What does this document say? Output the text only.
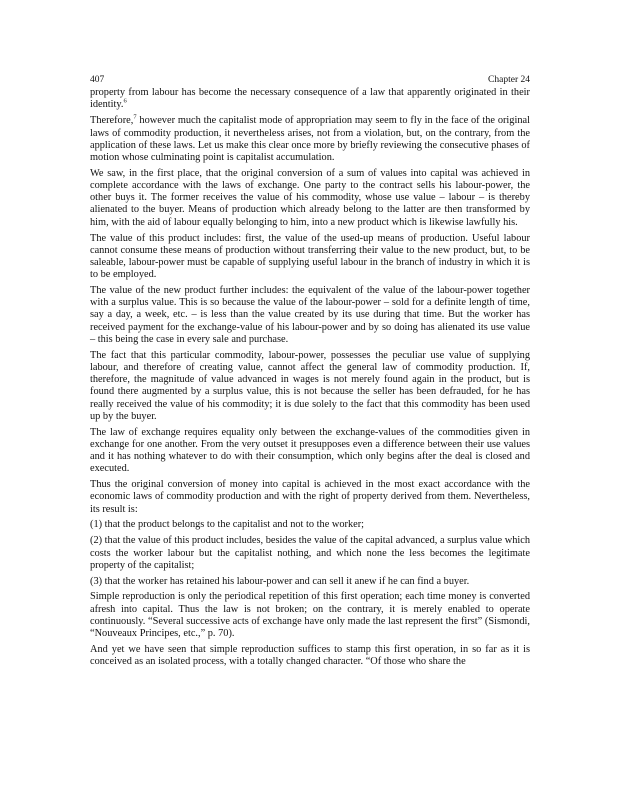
407	Chapter 24

property from labour has become the necessary consequence of a law that apparently originated in their identity.$^6$

Therefore,$^7$ however much the capitalist mode of appropriation may seem to fly in the face of the original laws of commodity production, it nevertheless arises, not from a violation, but, on the contrary, from the application of these laws. Let us make this clear once more by briefly reviewing the consecutive phases of motion whose culminating point is capitalist accumulation.

We saw, in the first place, that the original conversion of a sum of values into capital was achieved in complete accordance with the laws of exchange. One party to the contract sells his labour-power, the other buys it. The former receives the value of his commodity, whose use value – labour – is thereby alienated to the buyer. Means of production which already belong to the latter are then transformed by him, with the aid of labour equally belonging to him, into a new product which is likewise lawfully his.

The value of this product includes: first, the value of the used-up means of production. Useful labour cannot consume these means of production without transferring their value to the new product, but, to be saleable, labour-power must be capable of supplying useful labour in the branch of industry in which it is to be employed.

The value of the new product further includes: the equivalent of the value of the labour-power together with a surplus value. This is so because the value of the labour-power – sold for a definite length of time, say a day, a week, etc. – is less than the value created by its use during that time. But the worker has received payment for the exchange-value of his labour-power and by so doing has alienated its use value – this being the case in every sale and purchase.

The fact that this particular commodity, labour-power, possesses the peculiar use value of supplying labour, and therefore of creating value, cannot affect the general law of commodity production. If, therefore, the magnitude of value advanced in wages is not merely found again in the product, but is found there augmented by a surplus value, this is not because the seller has been defrauded, for he has really received the value of his commodity; it is due solely to the fact that this commodity has been used up by the buyer.

The law of exchange requires equality only between the exchange-values of the commodities given in exchange for one another. From the very outset it presupposes even a difference between their use values and it has nothing whatever to do with their consumption, which only begins after the deal is closed and executed.

Thus the original conversion of money into capital is achieved in the most exact accordance with the economic laws of commodity production and with the right of property derived from them. Nevertheless, its result is:

(1) that the product belongs to the capitalist and not to the worker;

(2) that the value of this product includes, besides the value of the capital advanced, a surplus value which costs the worker labour but the capitalist nothing, and which none the less becomes the legitimate property of the capitalist;

(3) that the worker has retained his labour-power and can sell it anew if he can find a buyer.

Simple reproduction is only the periodical repetition of this first operation; each time money is converted afresh into capital. Thus the law is not broken; on the contrary, it is merely enabled to operate continuously. “Several successive acts of exchange have only made the last represent the first” (Sismondi, “Nouveaux Principes, etc.,” p. 70).

And yet we have seen that simple reproduction suffices to stamp this first operation, in so far as it is conceived as an isolated process, with a totally changed character. “Of those who share the
